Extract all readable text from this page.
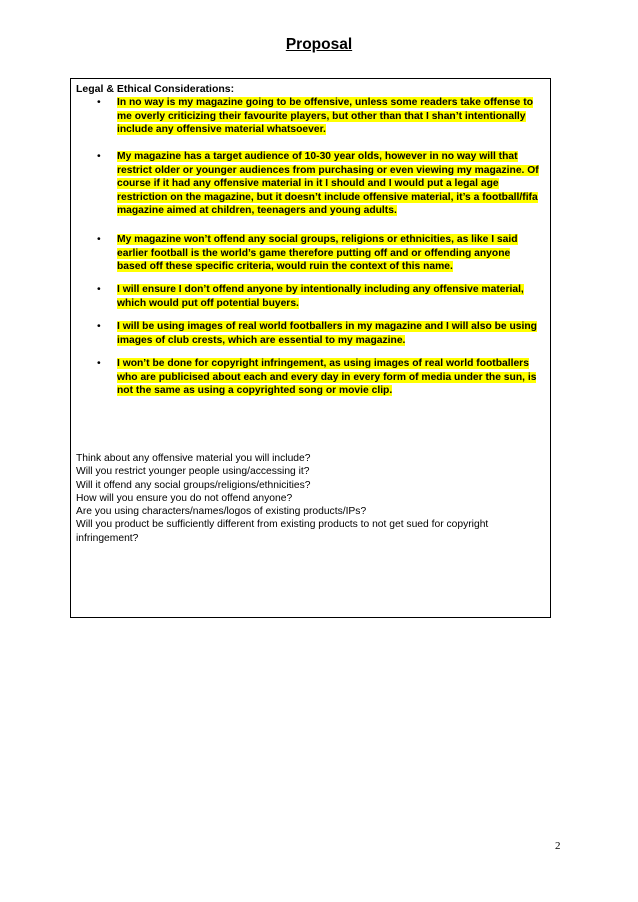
Proposal
Legal & Ethical Considerations:
• In no way is my magazine going to be offensive, unless some readers take offense to me overly criticizing their favourite players, but other than that I shan’t intentionally include any offensive material whatsoever.
• My magazine has a target audience of 10-30 year olds, however in no way will that restrict older or younger audiences from purchasing or even viewing my magazine. Of course if it had any offensive material in it I should and I would put a legal age restriction on the magazine, but it doesn’t include offensive material, it’s a football/fifa magazine aimed at children, teenagers and young adults.
• My magazine won’t offend any social groups, religions or ethnicities, as like I said earlier football is the world’s game therefore putting off and or offending anyone based off these specific criteria, would ruin the context of this name.
• I will ensure I don’t offend anyone by intentionally including any offensive material, which would put off potential buyers.
• I will be using images of real world footballers in my magazine and I will also be using images of club crests, which are essential to my magazine.
• I won’t be done for copyright infringement, as using images of real world footballers who are publicised about each and every day in every form of media under the sun, is not the same as using a copyrighted song or movie clip.
Think about any offensive material you will include?
Will you restrict younger people using/accessing it?
Will it offend any social groups/religions/ethnicities?
How will you ensure you do not offend anyone?
Are you using characters/names/logos of existing products/IPs?
Will you product be sufficiently different from existing products to not get sued for copyright infringement?
2
